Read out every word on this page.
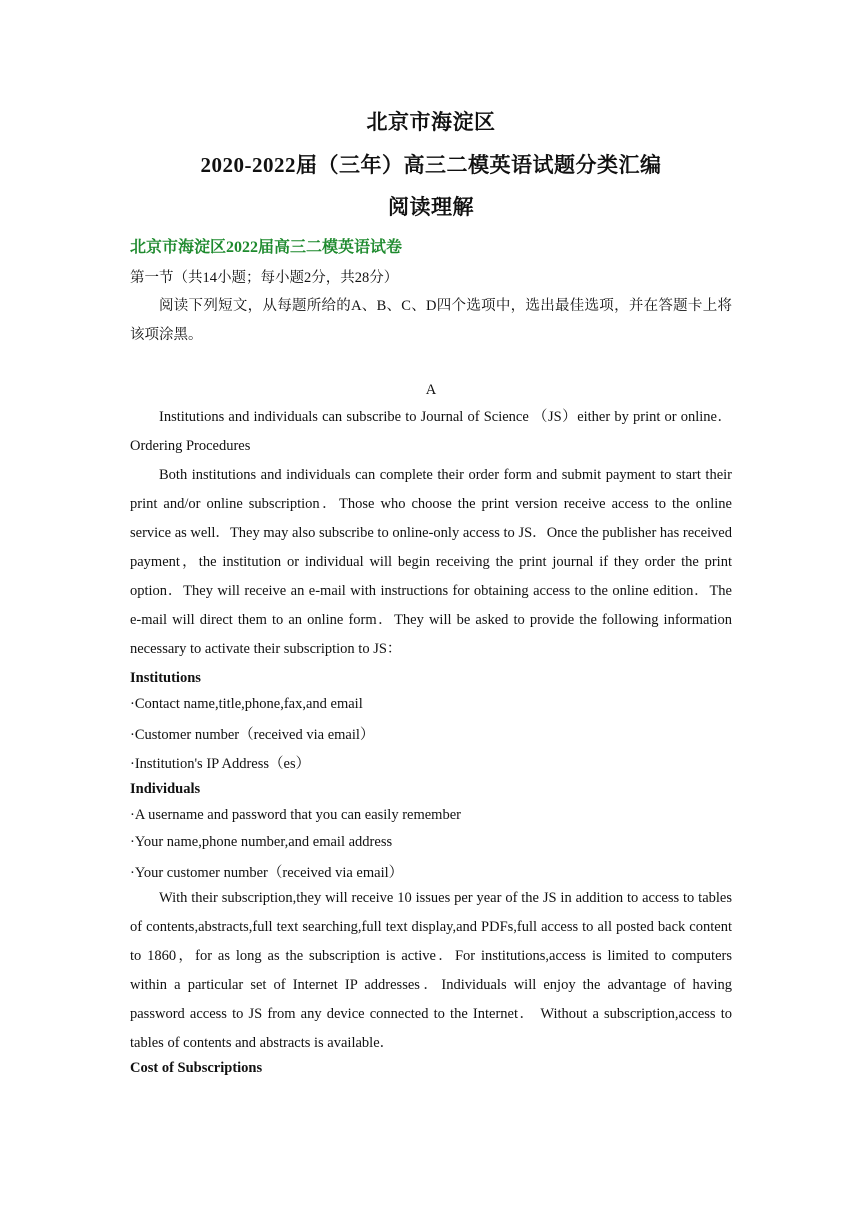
北京市海淀区
2020-2022届（三年）高三二模英语试题分类汇编
阅读理解
北京市海淀区2022届高三二模英语试卷
第一节（共14小题；每小题2分，共28分）
阅读下列短文，从每题所给的A、B、C、D四个选项中，选出最佳选项，并在答题卡上将该项涂黑。
A
Institutions and individuals can subscribe to Journal of Science （JS）either by print or online．Ordering Procedures
Both institutions and individuals can complete their order form and submit payment to start their print and/or online subscription．Those who choose the print version receive access to the online service as well．They may also subscribe to online-only access to JS．Once the publisher has received payment，the institution or individual will begin receiving the print journal if they order the print option．They will receive an e-mail with instructions for obtaining access to the online edition．The e-mail will direct them to an online form．They will be asked to provide the following information necessary to activate their subscription to JS：
Institutions
·Contact name,title,phone,fax,and email
·Customer number（received via email）
·Institution's IP Address（es）
Individuals
·A username and password that you can easily remember
·Your name,phone number,and email address
·Your customer number（received via email）
With their subscription,they will receive 10 issues per year of the JS in addition to access to tables of contents,abstracts,full text searching,full text display,and PDFs,full access to all posted back content to 1860，for as long as the subscription is active．For institutions,access is limited to computers within a particular set of Internet IP addresses．Individuals will enjoy the advantage of having password access to JS from any device connected to the Internet． Without a subscription,access to tables of contents and abstracts is available．
Cost of Subscriptions
